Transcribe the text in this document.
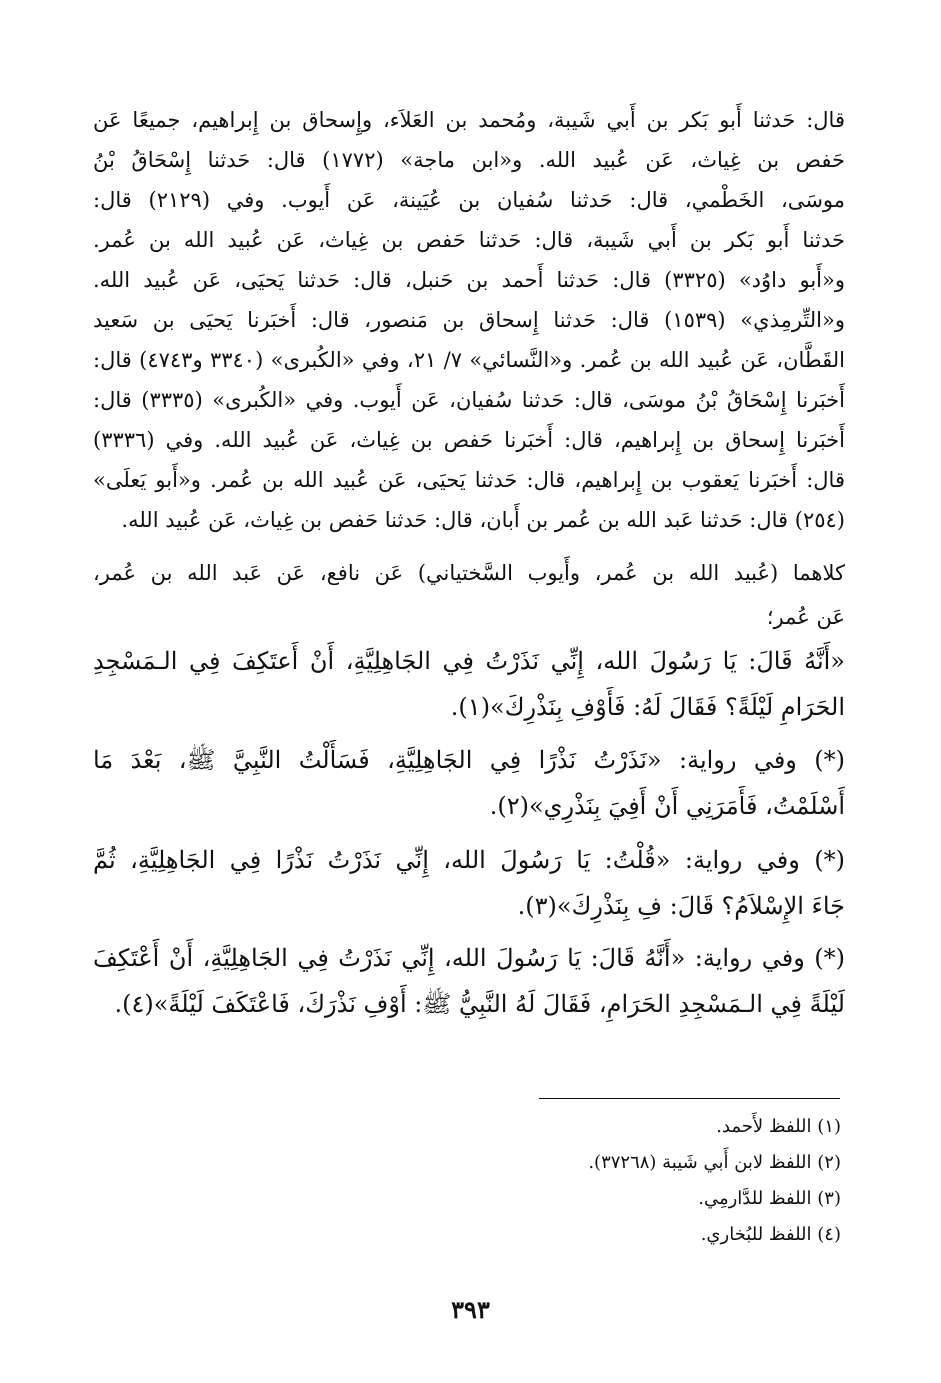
قال: حَدثنا أَبو بَكر بن أَبي شَيبة، ومُحمد بن العَلاَء، وإِسحاق بن إِبراهيم، جميعًا عَن
حَفص بن غِياث، عَن عُبيد الله. و«ابن ماجة» (١٧٧٢) قال: حَدثنا إِسْحَاقُ بْنُ
موسَى، الخَطْمي، قال: حَدثنا سُفيان بن عُيَينة، عَن أَيوب. وفي (٢١٢٩) قال:
حَدثنا أَبو بَكر بن أَبي شَيبة، قال: حَدثنا حَفص بن غِياث، عَن عُبيد الله بن عُمر.
و«أَبو داوُد» (٣٣٢٥) قال: حَدثنا أَحمد بن حَنبل، قال: حَدثنا يَحيَى، عَن عُبيد الله.
و«التِّرمِذي» (١٥٣٩) قال: حَدثنا إِسحاق بن مَنصور، قال: أَخبَرنا يَحيَى بن سَعيد
القَطَّان، عَن عُبيد الله بن عُمر. و«النَّسائي» ٧/ ٢١، وفي «الكُبرى» (٣٣٤٠ و٤٧٤٣) قال:
أَخبَرنا إِسْحَاقُ بْنُ موسَى، قال: حَدثنا سُفيان، عَن أَيوب. وفي «الكُبرى» (٣٣٣٥) قال:
أَخبَرنا إِسحاق بن إِبراهيم، قال: أَخبَرنا حَفص بن غِياث، عَن عُبيد الله. وفي (٣٣٣٦)
قال: أَخبَرنا يَعقوب بن إِبراهيم، قال: حَدثنا يَحيَى، عَن عُبيد الله بن عُمر. و«أَبو يَعلَى»
(٢٥٤) قال: حَدثنا عَبد الله بن عُمر بن أَبان، قال: حَدثنا حَفص بن غِياث، عَن عُبيد الله.
كلاهما (عُبيد الله بن عُمر، وأَيوب السَّختياني) عَن نافع، عَن عَبد الله بن عُمر،
عَن عُمر؛
«أَنَّهُ قَالَ: يَا رَسُولَ الله، إِنِّي نَذَرْتُ فِي الجَاهِلِيَّةِ، أَنْ أَعتَكِفَ فِي الـمَسْجِدِ
الحَرَامِ لَيْلَةً؟ فَقَالَ لَهُ: فَأَوْفِ بِنَذْرِكَ»(١).
(*) وفي رواية: «نَذَرْتُ نَذْرًا فِي الجَاهِلِيَّةِ، فَسَأَلْتُ النَّبِيَّ ﷺ، بَعْدَ مَا
أَسْلَمْتُ، فَأَمَرَنِي أَنْ أَفِيَ بِنَذْرِي»(٢).
(*) وفي رواية: «قُلْتُ: يَا رَسُولَ الله، إِنِّي نَذَرْتُ نَذْرًا فِي الجَاهِلِيَّةِ، ثُمَّ
جَاءَ الإِسْلاَمُ؟ قَالَ: فِ بِنَذْرِكَ»(٣).
(*) وفي رواية: «أَنَّهُ قَالَ: يَا رَسُولَ الله، إِنِّي نَذَرْتُ فِي الجَاهِلِيَّةِ، أَنْ أَعْتَكِفَ
لَيْلَةً فِي الـمَسْجِدِ الحَرَامِ، فَقَالَ لَهُ النَّبِيُّ ﷺ: أَوْفِ نَذْرَكَ، فَاعْتَكَفَ لَيْلَةً»(٤).
(١) اللفظ لأَحمد.
(٢) اللفظ لابن أَبي شَيبة (٣٧٢٦٨).
(٣) اللفظ للدَّارمِي.
(٤) اللفظ للبُخاري.
٣٩٣
